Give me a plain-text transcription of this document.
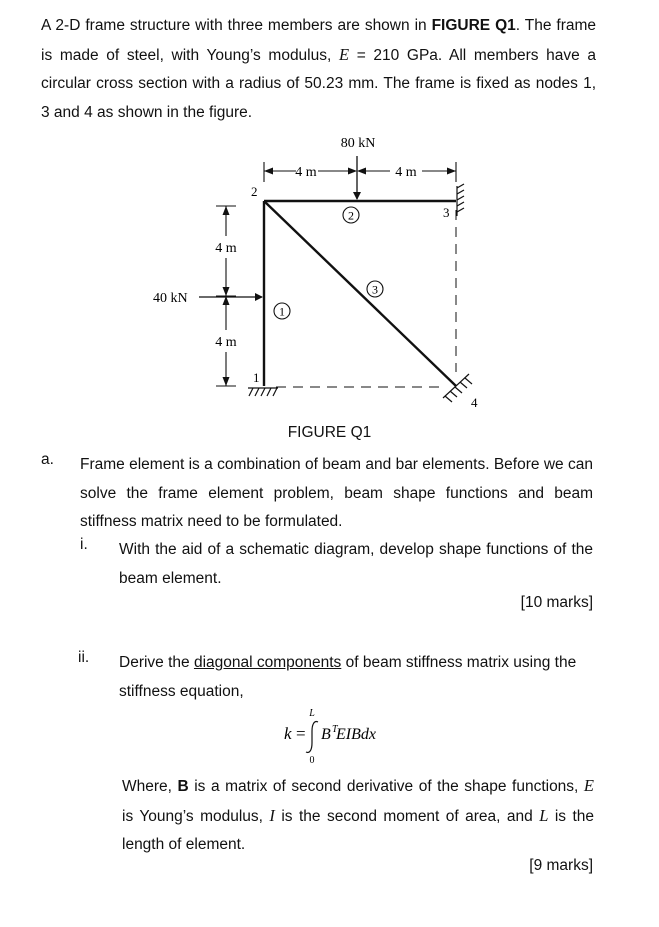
A 2-D frame structure with three members are shown in FIGURE Q1. The frame is made of steel, with Young’s modulus, E = 210 GPa. All members have a circular cross section with a radius of 50.23 mm. The frame is fixed as nodes 1, 3 and 4 as shown in the figure.
80 kN
4 m	4 m
4 m
4 m
40 kN
2
3
1
4
1
2
3
FIGURE Q1
a. Frame element is a combination of beam and bar elements. Before we can solve the frame element problem, beam shape functions and beam stiffness matrix need to be formulated.
i. With the aid of a schematic diagram, develop shape functions of the beam element.
[10 marks]
ii. Derive the diagonal components of beam stiffness matrix using the stiffness equation,
k =
L
0
B T
EIBdx
Where, B is a matrix of second derivative of the shape functions, E is Young’s modulus, I is the second moment of area, and L is the length of element.
[9 marks]
